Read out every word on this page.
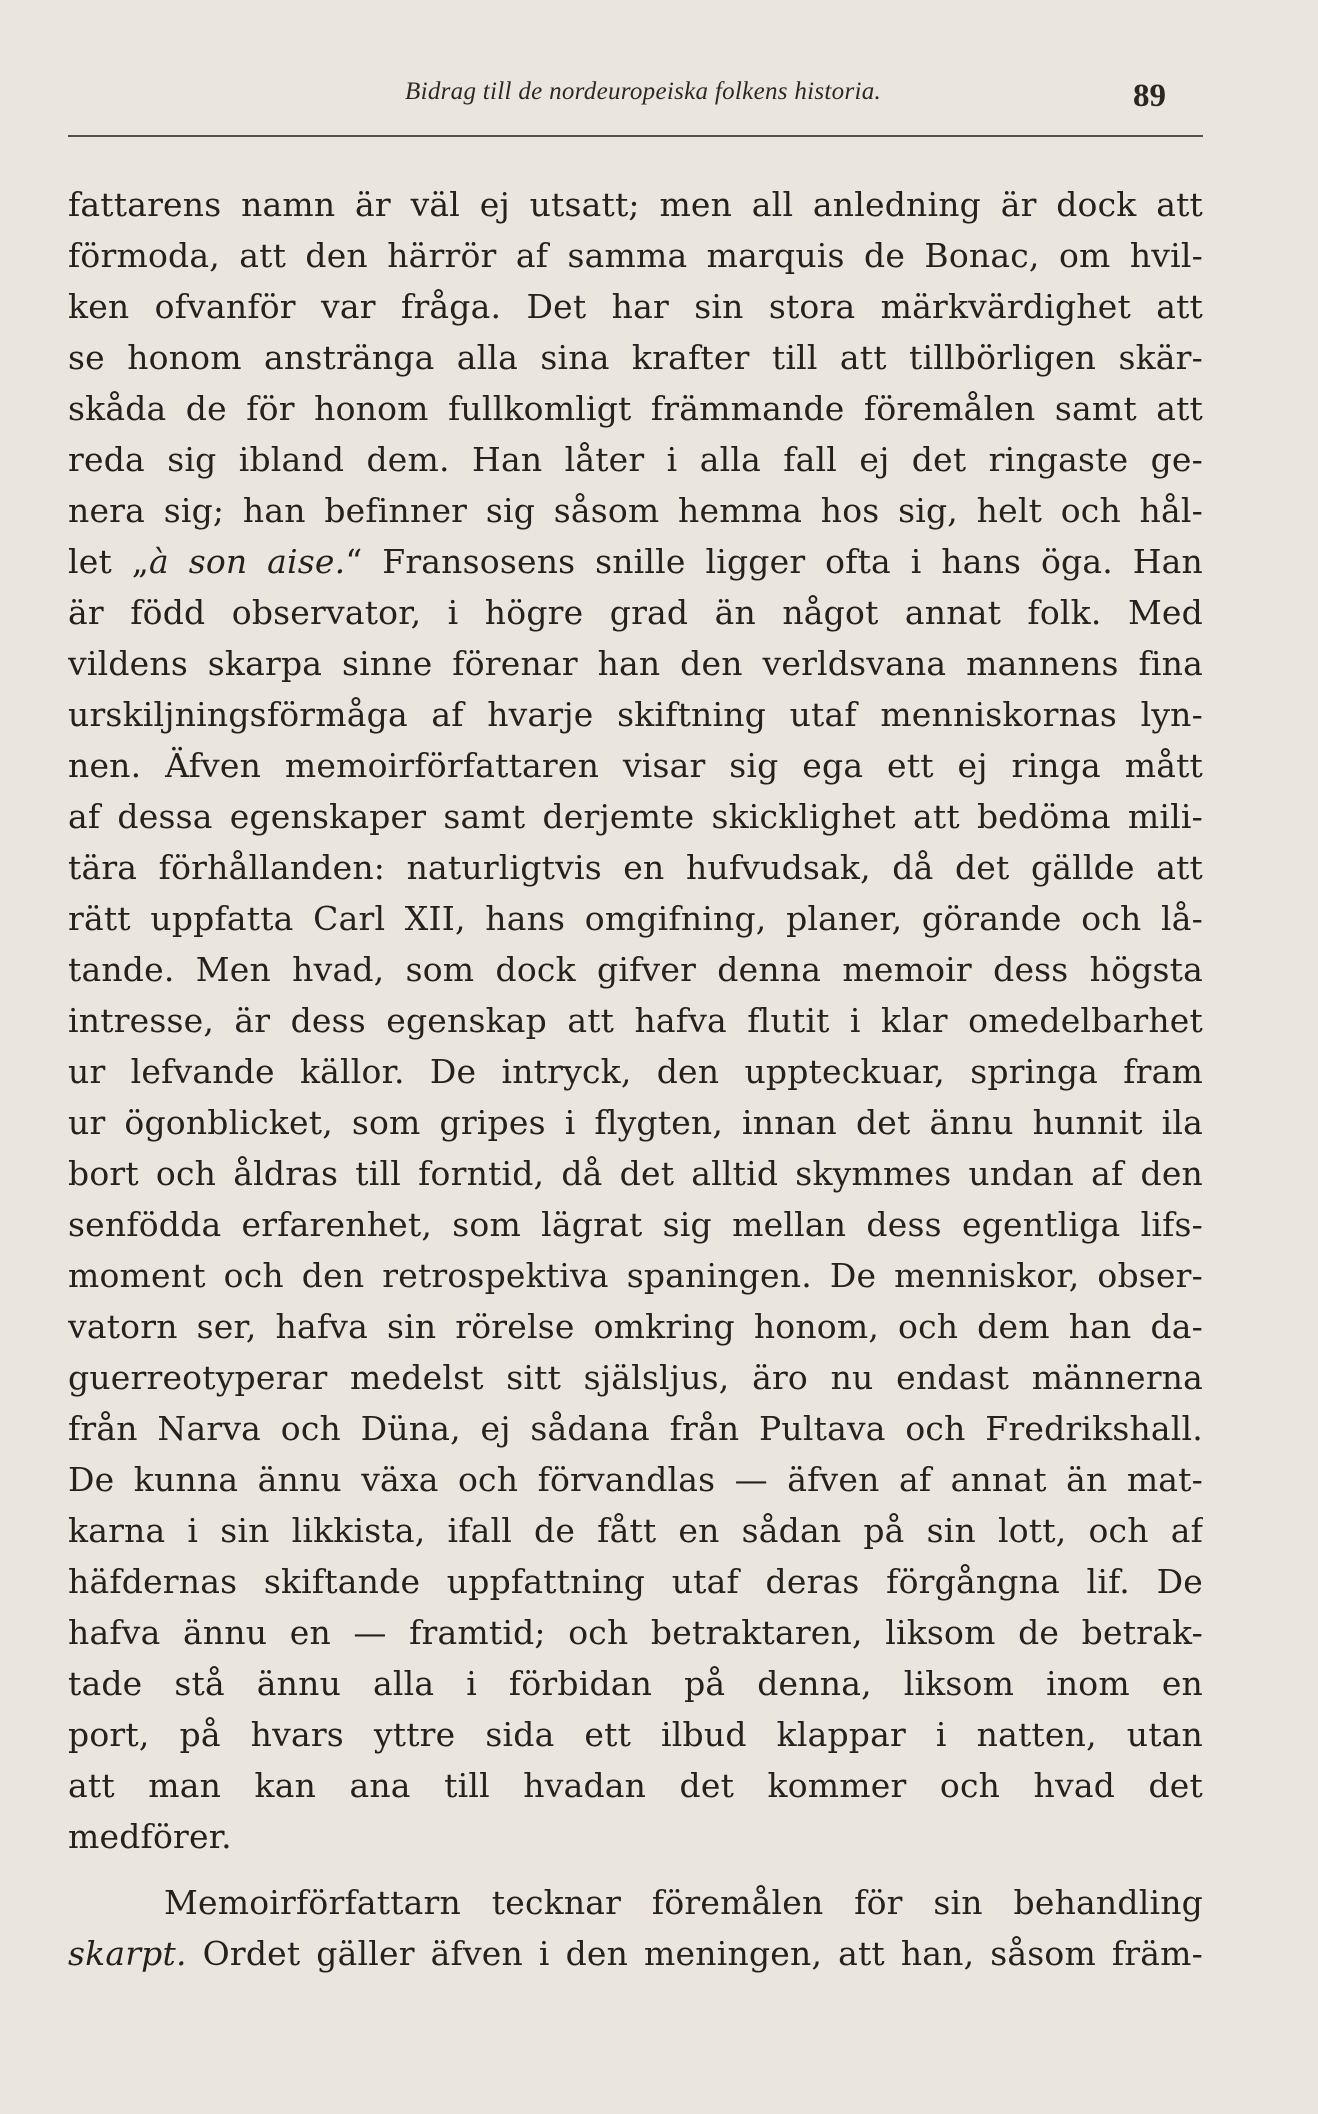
Bidrag till de nordeuropeiska folkens historia.	89
fattarens namn är väl ej utsatt; men all anledning är dock att
förmoda, att den härrör af samma marquis de Bonac, om hvil-
ken ofvanför var fråga. Det har sin stora märkvärdighet att
se honom anstränga alla sina krafter till att tillbörligen skär-
skåda de för honom fullkomligt främmande föremålen samt att
reda sig ibland dem. Han låter i alla fall ej det ringaste ge-
nera sig; han befinner sig såsom hemma hos sig, helt och hål-
let „à son aise.“ Fransosens snille ligger ofta i hans öga. Han
är född observator, i högre grad än något annat folk. Med
vildens skarpa sinne förenar han den verldsvana mannens fina
urskiljningsförmåga af hvarje skiftning utaf menniskornas lyn-
nen. Äfven memoirförfattaren visar sig ega ett ej ringa mått
af dessa egenskaper samt derjemte skicklighet att bedöma mili-
tära förhållanden: naturligtvis en hufvudsak, då det gällde att
rätt uppfatta Carl XII, hans omgifning, planer, görande och lå-
tande. Men hvad, som dock gifver denna memoir dess högsta
intresse, är dess egenskap att hafva flutit i klar omedelbarhet
ur lefvande källor. De intryck, den uppteckuar, springa fram
ur ögonblicket, som gripes i flygten, innan det ännu hunnit ila
bort och åldras till forntid, då det alltid skymmes undan af den
senfödda erfarenhet, som lägrat sig mellan dess egentliga lifs-
moment och den retrospektiva spaningen. De menniskor, obser-
vatorn ser, hafva sin rörelse omkring honom, och dem han da-
guerreotyperar medelst sitt själsljus, äro nu endast männerna
från Narva och Düna, ej sådana från Pultava och Fredrikshall.
De kunna ännu växa och förvandlas — äfven af annat än mat-
karna i sin likkista, ifall de fått en sådan på sin lott, och af
häfdernas skiftande uppfattning utaf deras förgångna lif. De
hafva ännu en — framtid; och betraktaren, liksom de betrak-
tade stå ännu alla i förbidan på denna, liksom inom en
port, på hvars yttre sida ett ilbud klappar i natten, utan
att man kan ana till hvadan det kommer och hvad det
medförer.
Memoirförfattarn tecknar föremålen för sin behandling
skarpt. Ordet gäller äfven i den meningen, att han, såsom främ-
